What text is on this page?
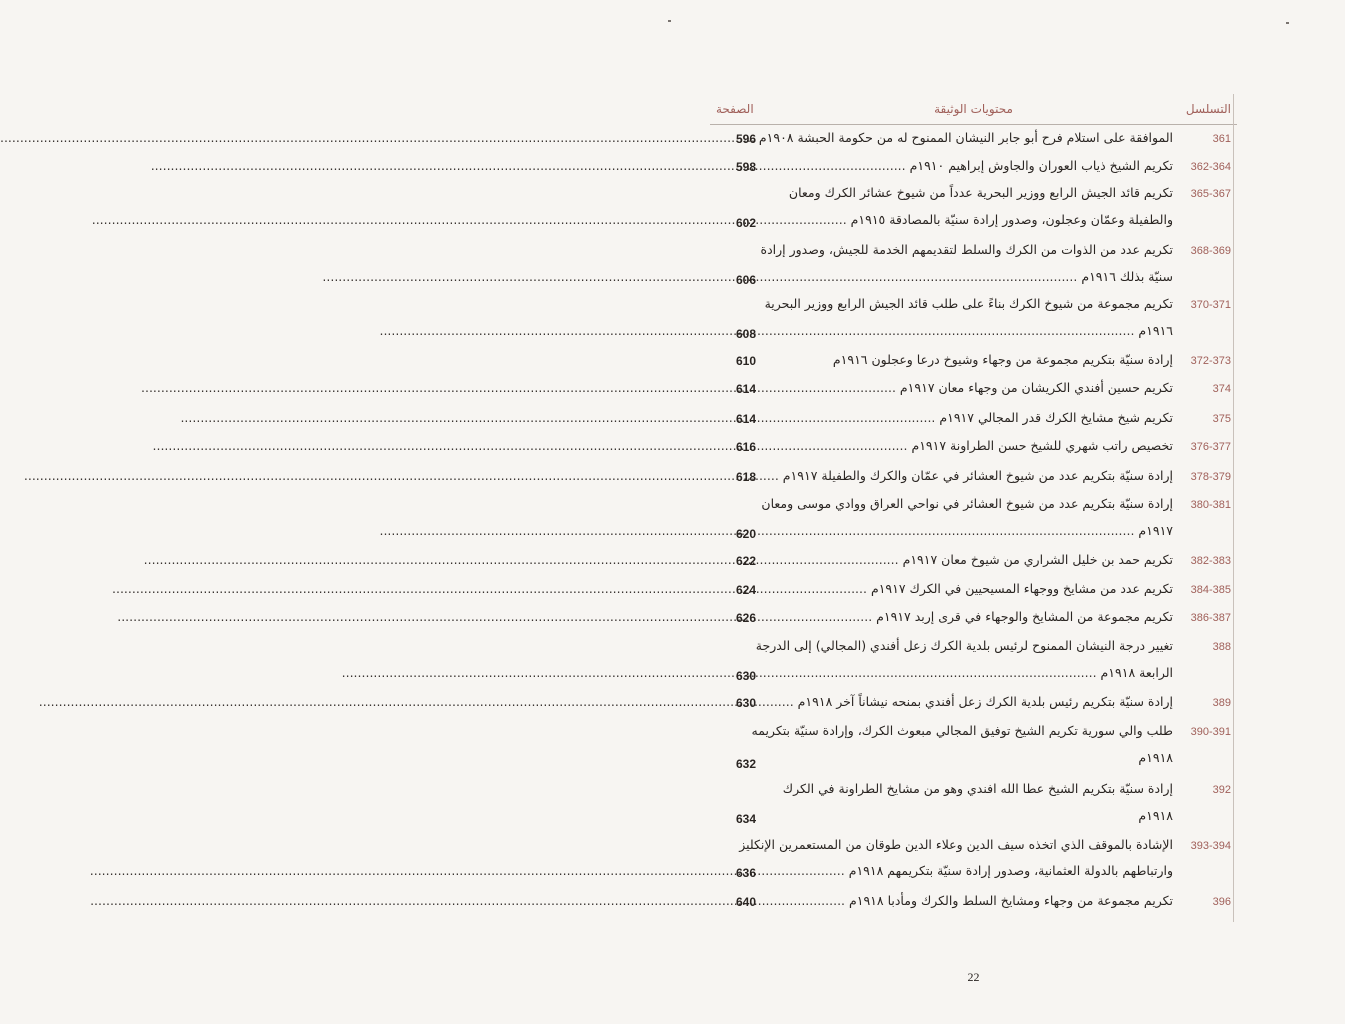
التسلسل
محتويات الوثيقة
الصفحة
361
الموافقة على استلام فرح أبو جابر النيشان الممنوح له من حكومة الحبشة ١٩٠٨م .....
596
362-364
تكريم الشيخ ذياب العوران والجاوش إبراهيم ١٩١٠م .....
598
365-367
تكريم قائد الجيش الرابع ووزير البحرية عدداً من شيوخ عشائر الكرك ومعان
والطفيلة وعمّان وعجلون، وصدور إرادة سنيّة بالمصادقة ١٩١٥م .....
602
368-369
تكريم عدد من الذوات من الكرك والسلط لتقديمهم الخدمة للجيش، وصدور إرادة
سنيّة بذلك ١٩١٦م .....
606
370-371
تكريم مجموعة من شيوخ الكرك بناءً على طلب قائد الجيش الرابع ووزير البحرية
١٩١٦م .....
608
372-373
إرادة سنيّة بتكريم مجموعة من وجهاء وشيوخ درعا وعجلون ١٩١٦م
610
374
تكريم حسين أفندي الكريشان من وجهاء معان ١٩١٧م .....
614
375
تكريم شيخ مشايخ الكرك قدر المجالي ١٩١٧م .....
614
376-377
تخصيص راتب شهري للشيخ حسن الطراونة ١٩١٧م .....
616
378-379
إرادة سنيّة بتكريم عدد من شيوخ العشائر في عمّان والكرك والطفيلة ١٩١٧م .....
618
380-381
إرادة سنيّة بتكريم عدد من شيوخ العشائر في نواحي العراق ووادي موسى ومعان
١٩١٧م .....
620
382-383
تكريم حمد بن خليل الشراري من شيوخ معان ١٩١٧م .....
622
384-385
تكريم عدد من مشايخ ووجهاء المسيحيين في الكرك ١٩١٧م .....
624
386-387
تكريم مجموعة من المشايخ والوجهاء في قرى إربد ١٩١٧م .....
626
388
تغيير درجة النيشان الممنوح لرئيس بلدية الكرك زعل أفندي (المجالي) إلى الدرجة
الرابعة ١٩١٨م .....
630
389
إرادة سنيّة بتكريم رئيس بلدية الكرك زعل أفندي بمنحه نيشاناً آخر ١٩١٨م .....
630
390-391
طلب والي سورية تكريم الشيخ توفيق المجالي مبعوث الكرك، وإرادة سنيّة بتكريمه
١٩١٨م
632
392
إرادة سنيّة بتكريم الشيخ عطا الله افندي وهو من مشايخ الطراونة في الكرك
١٩١٨م
634
393-394
الإشادة بالموقف الذي اتخذه سيف الدين وعلاء الدين طوقان من المستعمرين الإنكليز
وارتباطهم بالدولة العثمانية، وصدور إرادة سنيّة بتكريمهم ١٩١٨م .....
636
396
تكريم مجموعة من وجهاء ومشايخ السلط والكرك ومأدبا ١٩١٨م .....
640
22
